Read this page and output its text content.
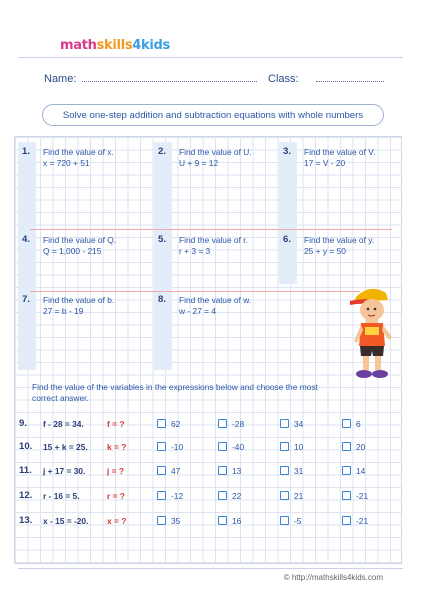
mathskills4kids
Name:	Class:
Solve one-step addition and subtraction equations with whole numbers
1. Find the value of x.
x = 720 + 51
2. Find the value of U.
U + 9 = 12
3. Find the value of V.
17 = V - 20
4. Find the value of Q.
Q = 1,000 - 215
5. Find the value of r.
r + 3 = 3
6. Find the value of y.
25 + y = 50
7. Find the value of b.
27 = b - 19
8. Find the value of w.
w - 27 = 4
Find the value of the variables in the expressions below and choose the most correct answer.
9. f - 28 = 34.	f = ?	62	-28	34	6
10. 15 + k = 25. k = ?	-10	-40	10	20
11. j + 17 = 30.	j = ?	47	13	31	14
12. r - 16 = 5.	r = ?	-12	22	21	-21
13. x - 15 = -20. x = ?	35	16	-5	-21
© http://mathskills4kids.com
